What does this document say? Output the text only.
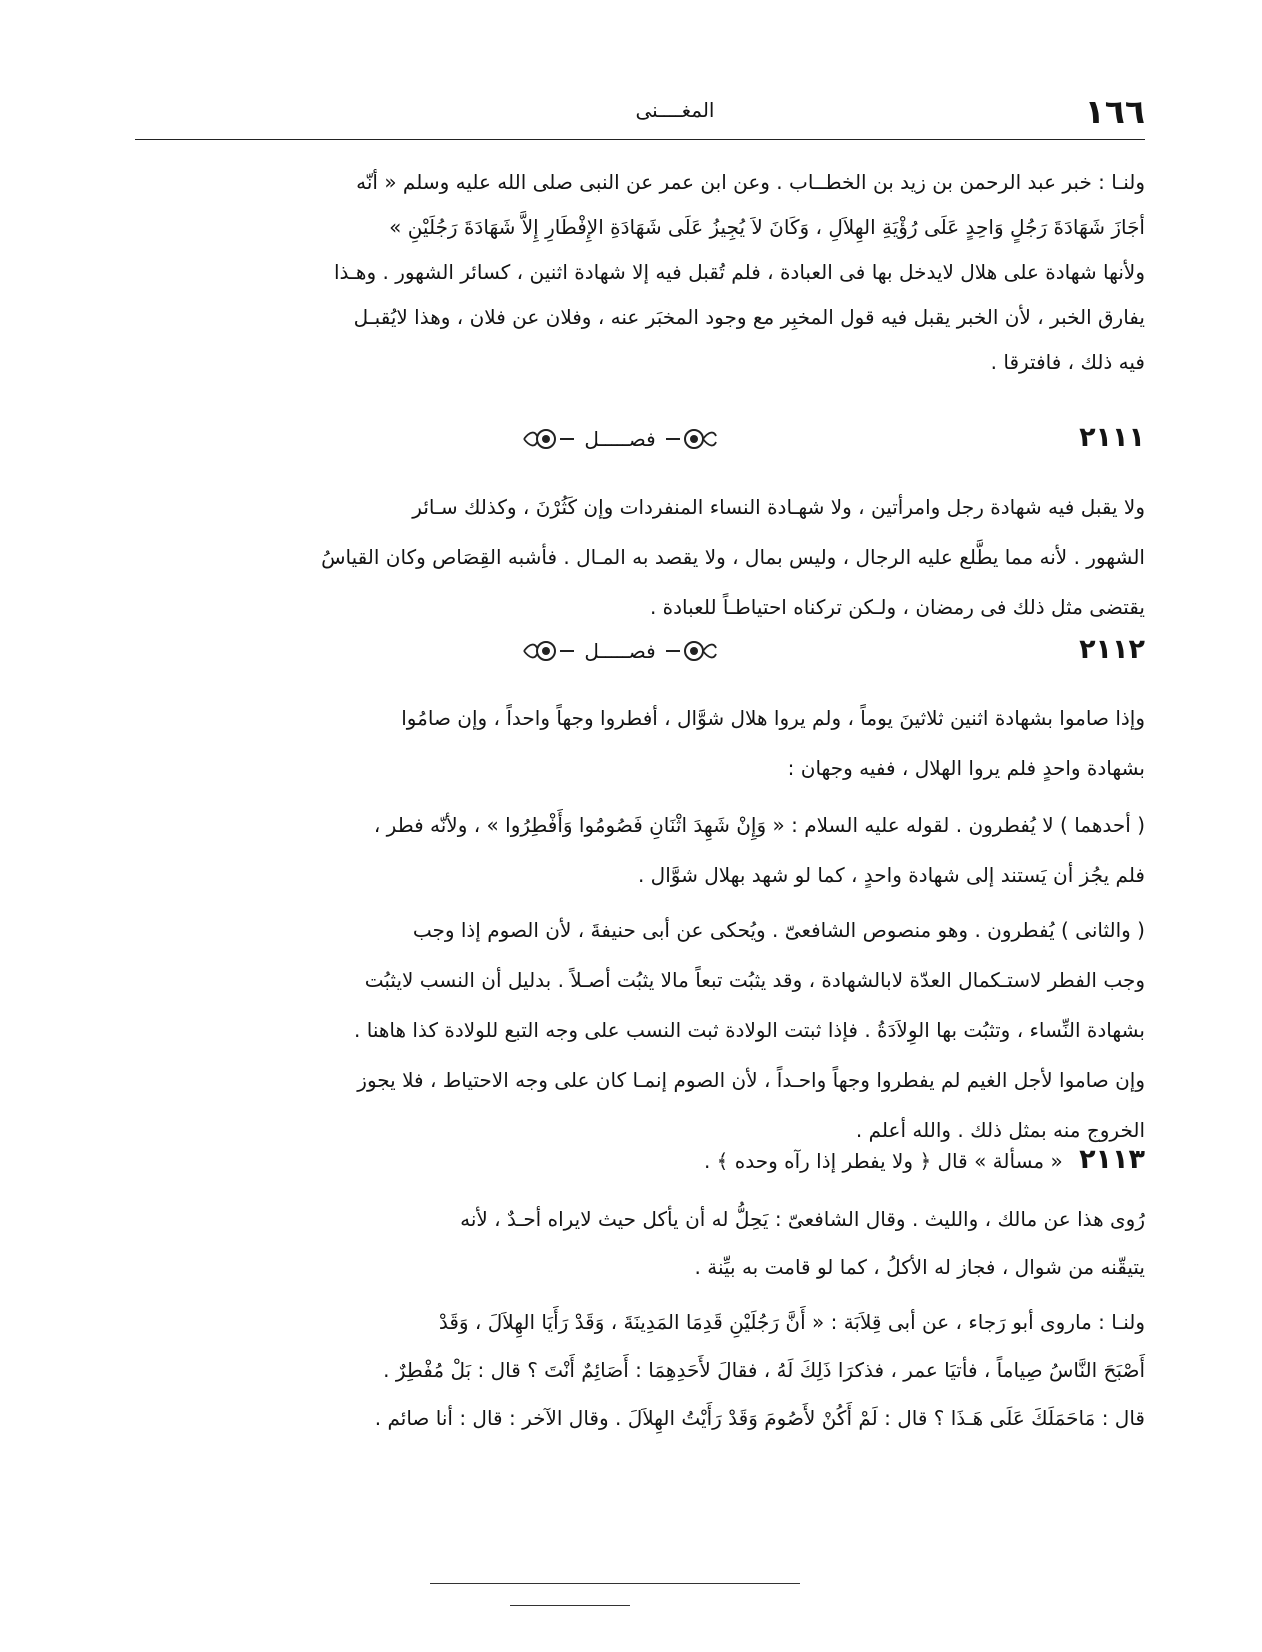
١٦٦
المغــــنى

ولنـا : خبر عبد الرحمن بن زيد بن الخطــاب . وعن ابن عمر عن النبى صلى الله عليه وسلم « أنّه

أجَازَ شَهَادَةَ رَجُلٍ وَاحِدٍ عَلَى رُؤْيَةِ الهِلاَلِ ، وَكَانَ لاَ يُجِيزُ عَلَى شَهَادَةِ الإِفْطَارِ إِلاَّ شَهَادَةَ رَجُلَيْنِ »

ولأنها شهادة على هلال لايدخل بها فى العبادة ، فلم تُقبل فيه إلا شهادة اثنين ، كسائر الشهور . وهـذا

يفارق الخبر ، لأن الخبر يقبل فيه قول المخبِر مع وجود المخبَر عنه ، وفلان عن فلان ، وهذا لايُقبـل

فيه ذلك ، فافترقا .

٢١١١
فصـــــل

ولا يقبل فيه شهادة رجل وامرأتين ، ولا شهـادة النساء المنفردات وإن كَثُرْنَ ، وكذلك سـائر

الشهور . لأنه مما يطَّلع عليه الرجال ، وليس بمال ، ولا يقصد به المـال . فأشبه القِصَاص وكان القياسُ

يقتضى مثل ذلك فى رمضان ، ولـكن تركناه احتياطـاً للعبادة .

٢١١٢
فصـــــل

وإذا صاموا بشهادة اثنين ثلاثينَ يوماً ، ولم يروا هلال شوَّال ، أفطروا وجهاً واحداً ، وإن صامُوا

بشهادة واحدٍ فلم يروا الهلال ، ففيه وجهان :

( أحدهما ) لا يُفطرون . لقوله عليه السلام : « وَإِنْ شَهِدَ اثْنَانِ فَصُومُوا وَأَفْطِرُوا » ، ولأنّه فطر ،

فلم يجُز أن يَستند إلى شهادة واحدٍ ، كما لو شهد بهلال شوَّال .

( والثانى ) يُفطرون . وهو منصوص الشافعىّ . ويُحكى عن أبى حنيفةَ ، لأن الصوم إذا وجب

وجب الفطر لاستـكمال العدّة لابالشهادة ، وقد يثبُت تبعاً مالا يثبُت أصـلاً . بدليل أن النسب لايثبُت

بشهادة النِّساء ، وتثبُت بها الوِلاَدَةُ . فإذا ثبتت الولادة ثبت النسب على وجه التبع للولادة كذا هاهنا .

وإن صاموا لأجل الغيم لم يفطروا وجهاً واحـداً ، لأن الصوم إنمـا كان على وجه الاحتياط ، فلا يجوز

الخروج منه بمثل ذلك . والله أعلم .

٢١١٣ « مسألة » قال ﴿ ولا يفطر إذا رآه وحده ﴾ .

رُوى هذا عن مالك ، والليث . وقال الشافعىّ : يَحِلُّ له أن يأكل حيث لايراه أحـدٌ ، لأنه

يتيقّنه من شوال ، فجاز له الأكلُ ، كما لو قامت به بيِّنة .

ولنـا : ماروى أبو رَجاء ، عن أبى قِلاَبَة : « أَنَّ رَجُلَيْنِ قَدِمَا المَدِينَةَ ، وَقَدْ رَأَيَا الهِلاَلَ ، وَقَدْ

أَصْبَحَ النَّاسُ صِياماً ، فأتيَا عمر ، فذكرَا ذَلِكَ لَهُ ، فقالَ لأَحَدِهِمَا : أَصَائِمٌ أَنْتَ ؟ قال : بَلْ مُفْطِرٌ .

قال : مَاحَمَلَكَ عَلَى هَـذَا ؟ قال : لَمْ أَكُنْ لأَصُومَ وَقَدْ رَأَيْتُ الهِلاَلَ . وقال الآخر : قال : أنا صائم .
